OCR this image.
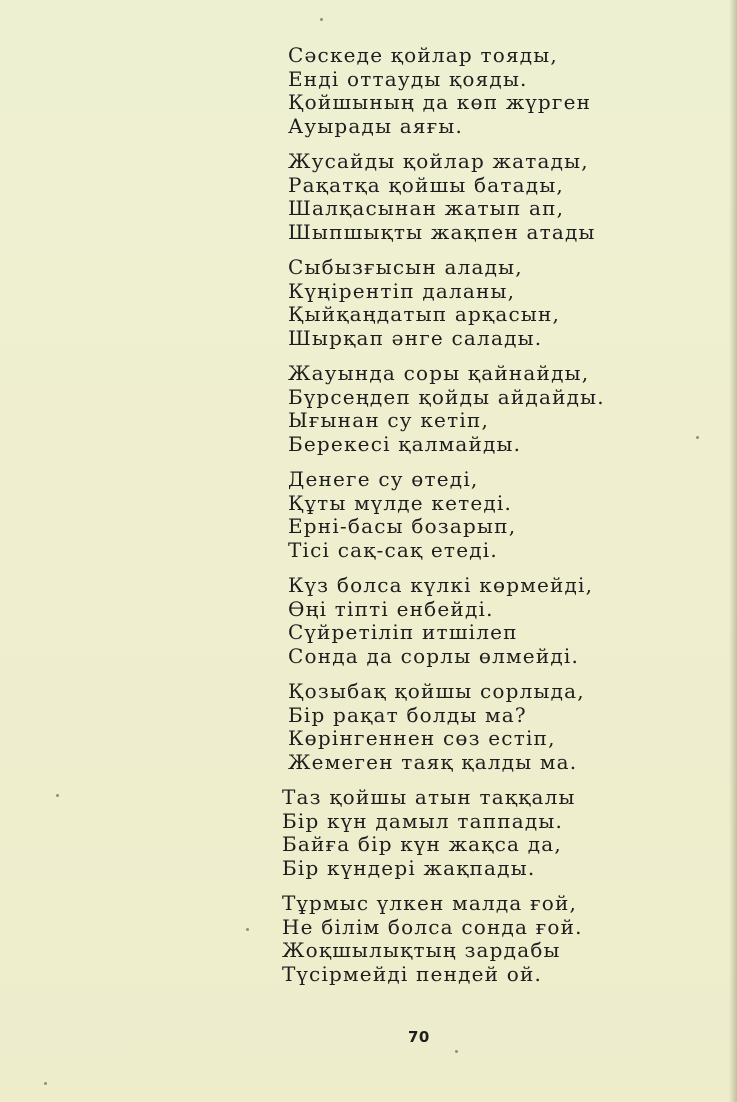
Сәскеде қойлар тояды,
Енді оттауды қояды.
Қойшының да көп жүрген
Ауырады аяғы.
Жусайды қойлар жатады,
Рақатқа қойшы батады,
Шалқасынан жатып ап,
Шыпшықты жақпен атады
Сыбызғысын алады,
Күңірентіп даланы,
Қыйқаңдатып арқасын,
Шырқап әнге салады.
Жауында соры қайнайды,
Бүрсеңдеп қойды айдайды.
Ығынан су кетіп,
Берекесі қалмайды.
Денеге су өтеді,
Құты мүлде кетеді.
Ерні-басы бозарып,
Тісі сақ-сақ етеді.
Күз болса күлкі көрмейді,
Өңі тіпті енбейді.
Сүйретіліп итшілеп
Сонда да сорлы өлмейді.
Қозыбақ қойшы сорлыда,
Бір рақат болды ма?
Көрінгеннен сөз естіп,
Жемеген таяқ қалды ма.
Таз қойшы атын таққалы
Бір күн дамыл таппады.
Байға бір күн жақса да,
Бір күндері жақпады.
Тұрмыс үлкен малда ғой,
Не білім болса сонда ғой.
Жоқшылықтың зардабы
Түсірмейді пендей ой.
70
